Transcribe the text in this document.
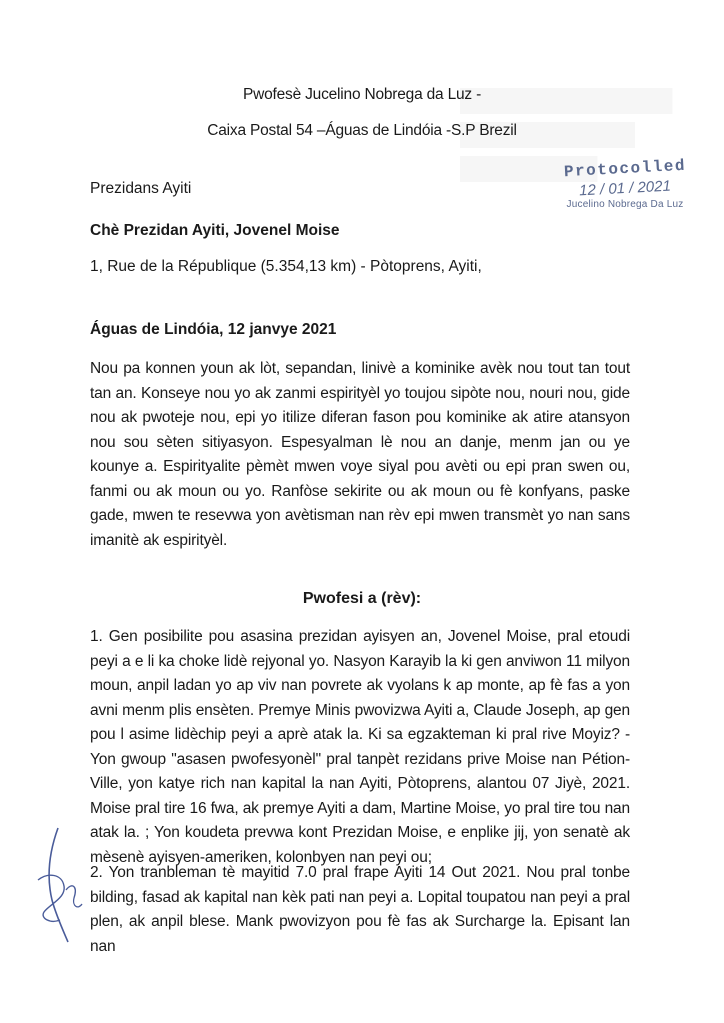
Pwofesè Jucelino Nobrega da Luz -
Caixa Postal 54 –Águas de Lindóia -S.P Brezil
Protocolled
12 / 01 / 2021
Jucelino Nobrega Da Luz
Prezidans Ayiti
Chè Prezidan Ayiti, Jovenel Moise
1, Rue de la République (5.354,13 km) - Pòtoprens, Ayiti,
Águas de Lindóia, 12 janvye 2021
Nou pa konnen youn ak lòt, sepandan, linivè a kominike avèk nou tout tan tout tan an. Konseye nou yo ak zanmi espirityèl yo toujou sipòte nou, nouri nou, gide nou ak pwoteje nou, epi yo itilize diferan fason pou kominike ak atire atansyon nou sou sèten sitiyasyon. Espesyalman lè nou an danje, menm jan ou ye kounye a. Espirityalite pèmèt mwen voye siyal pou avèti ou epi pran swen ou, fanmi ou ak moun ou yo. Ranfòse sekirite ou ak moun ou fè konfyans, paske gade, mwen te resevwa yon avètisman nan rèv epi mwen transmèt yo nan sans imanitè ak espirityèl.
Pwofesi a (rèv):
1. Gen posibilite pou asasina prezidan ayisyen an, Jovenel Moise, pral etoudi peyi a e li ka choke lidè rejyonal yo. Nasyon Karayib la ki gen anviwon 11 milyon moun, anpil ladan yo ap viv nan povrete ak vyolans k ap monte, ap fè fas a yon avni menm plis ensèten. Premye Minis pwovizwa Ayiti a, Claude Joseph, ap gen pou l asime lidèchip peyi a aprè atak la. Ki sa egzakteman ki pral rive Moyiz? - Yon gwoup "asasen pwofesyonèl" pral tanpèt rezidans prive Moise nan Pétion-Ville, yon katye rich nan kapital la nan Ayiti, Pòtoprens, alantou 07 Jiyè, 2021. Moise pral tire 16 fwa, ak premye Ayiti a dam, Martine Moise, yo pral tire tou nan atak la. ; Yon koudeta prevwa kont Prezidan Moise, e enplike jij, yon senatè ak mèsenè ayisyen-ameriken, kolonbyen nan peyi ou;
2. Yon tranbleman tè mayitid 7.0 pral frape Ayiti 14 Out 2021. Nou pral tonbe bilding, fasad ak kapital nan kèk pati nan peyi a. Lopital toupatou nan peyi a pral plen, ak anpil blese. Mank pwovizyon pou fè fas ak Surcharge la. Episant lan nan
